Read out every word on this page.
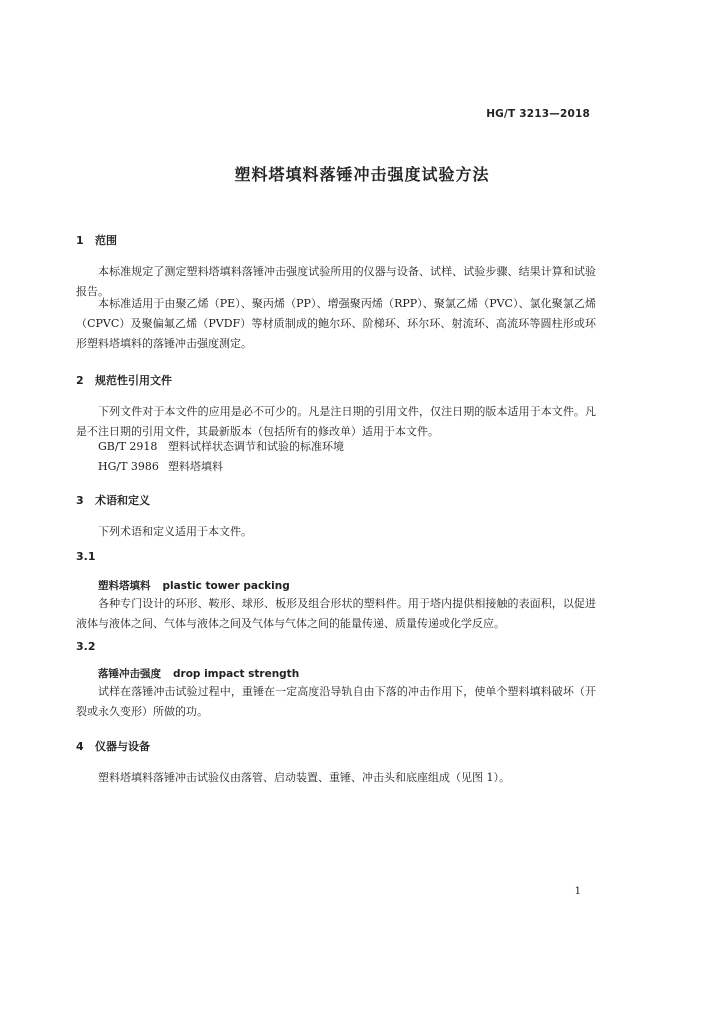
HG/T 3213—2018
塑料塔填料落锤冲击强度试验方法
1 范围
本标准规定了测定塑料塔填料落锤冲击强度试验所用的仪器与设备、试样、试验步骤、结果计算和试验报告。
本标准适用于由聚乙烯（PE）、聚丙烯（PP）、增强聚丙烯（RPP）、聚氯乙烯（PVC）、氯化聚氯乙烯（CPVC）及聚偏氟乙烯（PVDF）等材质制成的鲍尔环、阶梯环、环尔环、射流环、高流环等圆柱形或环形塑料塔填料的落锤冲击强度测定。
2 规范性引用文件
下列文件对于本文件的应用是必不可少的。凡是注日期的引用文件，仅注日期的版本适用于本文件。凡是不注日期的引用文件，其最新版本（包括所有的修改单）适用于本文件。
GB/T 2918 塑料试样状态调节和试验的标准环境
HG/T 3986 塑料塔填料
3 术语和定义
下列术语和定义适用于本文件。
3.1
塑料塔填料 plastic tower packing
各种专门设计的环形、鞍形、球形、板形及组合形状的塑料件。用于塔内提供相接触的表面积，以促进液体与液体之间、气体与液体之间及气体与气体之间的能量传递、质量传递或化学反应。
3.2
落锤冲击强度 drop impact strength
试样在落锤冲击试验过程中，重锤在一定高度沿导轨自由下落的冲击作用下，使单个塑料填料破坏（开裂或永久变形）所做的功。
4 仪器与设备
塑料塔填料落锤冲击试验仪由落管、启动装置、重锤、冲击头和底座组成（见图 1）。
1
